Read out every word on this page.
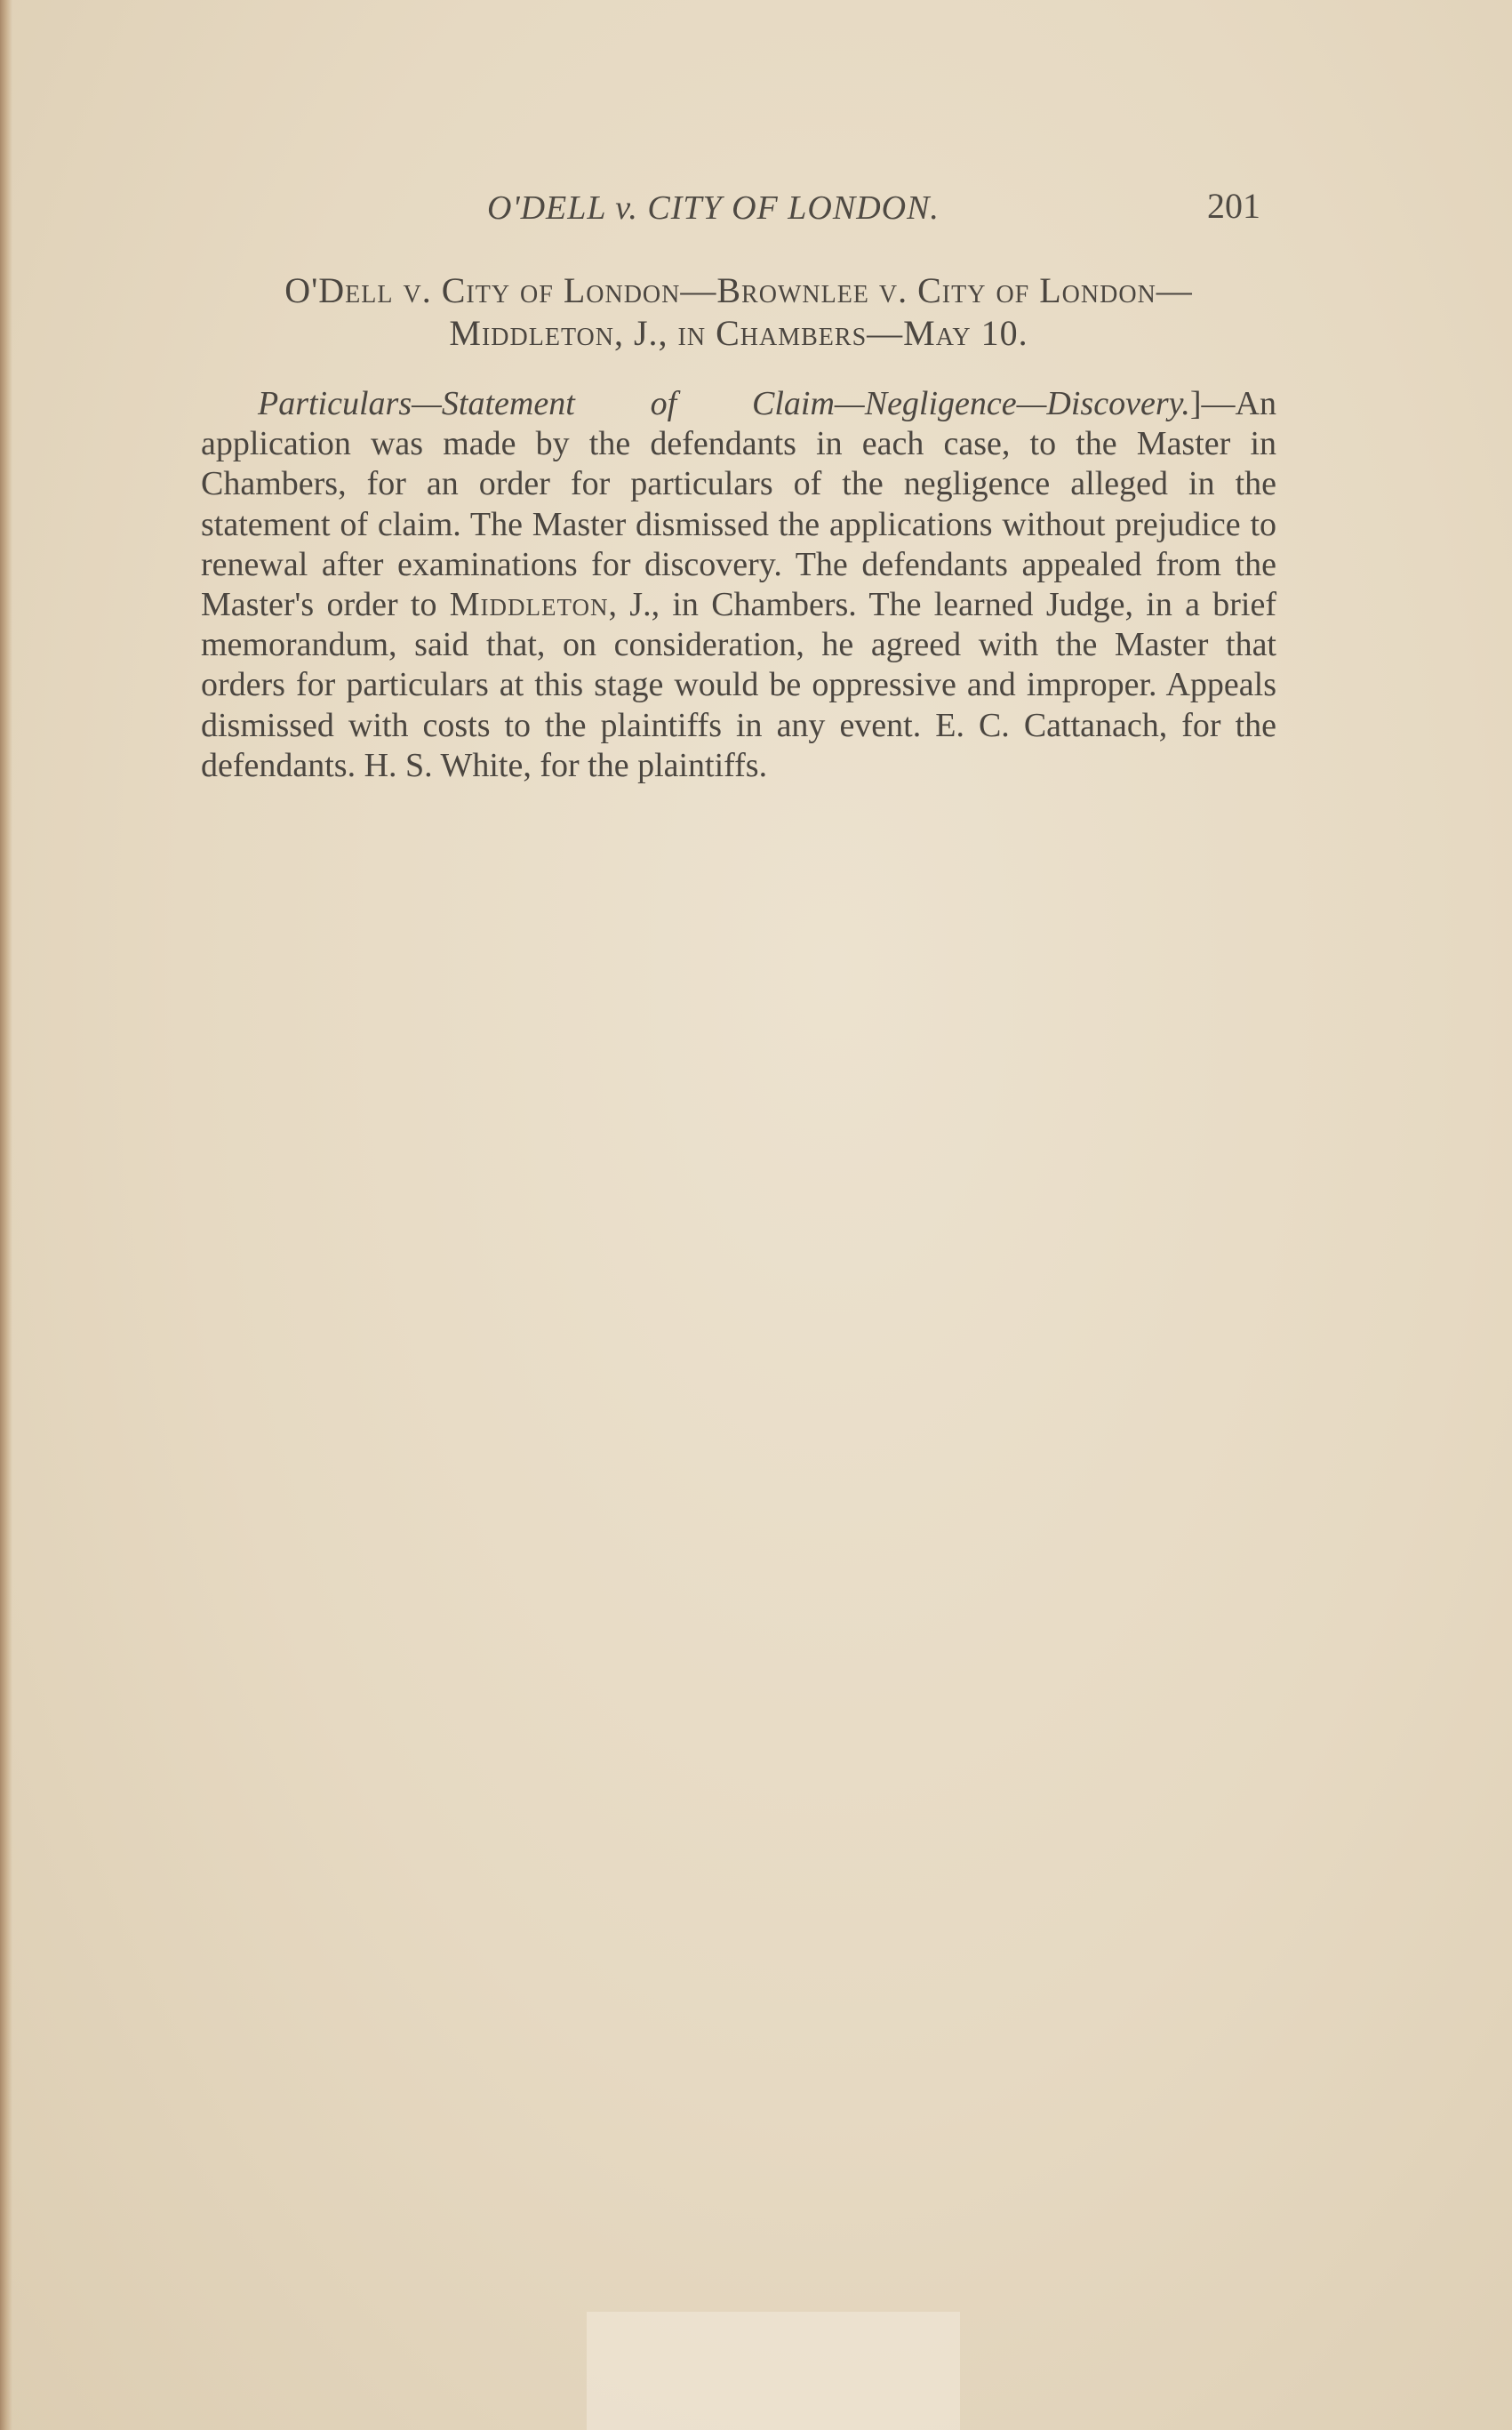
O'DELL v. CITY OF LONDON.	201
O'Dell v. City of London—Brownlee v. City of London—
Middleton, J., in Chambers—May 10.
Particulars—Statement of Claim—Negligence—Discovery.]—An application was made by the defendants in each case, to the Master in Chambers, for an order for particulars of the negligence alleged in the statement of claim. The Master dismissed the applications without prejudice to renewal after examinations for discovery. The defendants appealed from the Master's order to Middleton, J., in Chambers. The learned Judge, in a brief memorandum, said that, on consideration, he agreed with the Master that orders for particulars at this stage would be oppressive and improper. Appeals dismissed with costs to the plaintiffs in any event. E. C. Cattanach, for the defendants. H. S. White, for the plaintiffs.
